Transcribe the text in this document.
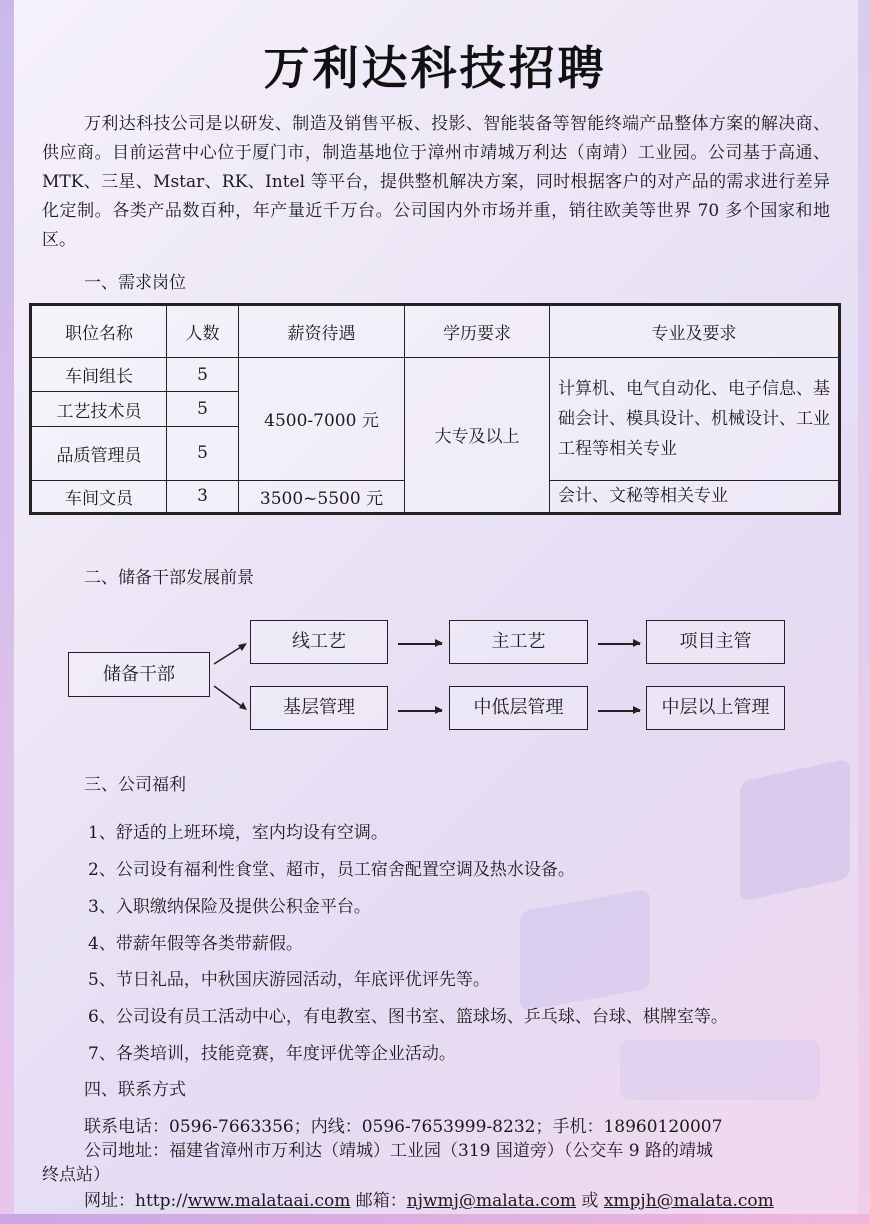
万利达科技招聘
万利达科技公司是以研发、制造及销售平板、投影、智能装备等智能终端产品整体方案的解决商、供应商。目前运营中心位于厦门市，制造基地位于漳州市靖城万利达（南靖）工业园。公司基于高通、MTK、三星、Mstar、RK、Intel 等平台，提供整机解决方案，同时根据客户的对产品的需求进行差异化定制。各类产品数百种，年产量近千万台。公司国内外市场并重，销往欧美等世界 70 多个国家和地区。
一、需求岗位
职位名称	人数	薪资待遇	学历要求	专业及要求
车间组长	5	4500-7000 元	大专及以上	计算机、电气自动化、电子信息、基础会计、模具设计、机械设计、工业工程等相关专业
工艺技术员	5			
品质管理员	5			
车间文员	3	3500~5500 元		会计、文秘等相关专业
二、储备干部发展前景
储备干部
线工艺	主工艺	项目主管
基层管理	中低层管理	中层以上管理
三、公司福利
1、舒适的上班环境，室内均设有空调。
2、公司设有福利性食堂、超市，员工宿舍配置空调及热水设备。
3、入职缴纳保险及提供公积金平台。
4、带薪年假等各类带薪假。
5、节日礼品，中秋国庆游园活动，年底评优评先等。
6、公司设有员工活动中心，有电教室、图书室、篮球场、乒乓球、台球、棋牌室等。
7、各类培训，技能竞赛，年度评优等企业活动。
四、联系方式
联系电话：0596-7663356；内线：0596-7653999-8232；手机：18960120007
公司地址：福建省漳州市万利达（靖城）工业园（319 国道旁）（公交车 9 路的靖城
终点站）
网址：http://www.malataai.com 邮箱：njwmj@malata.com 或 xmpjh@malata.com
